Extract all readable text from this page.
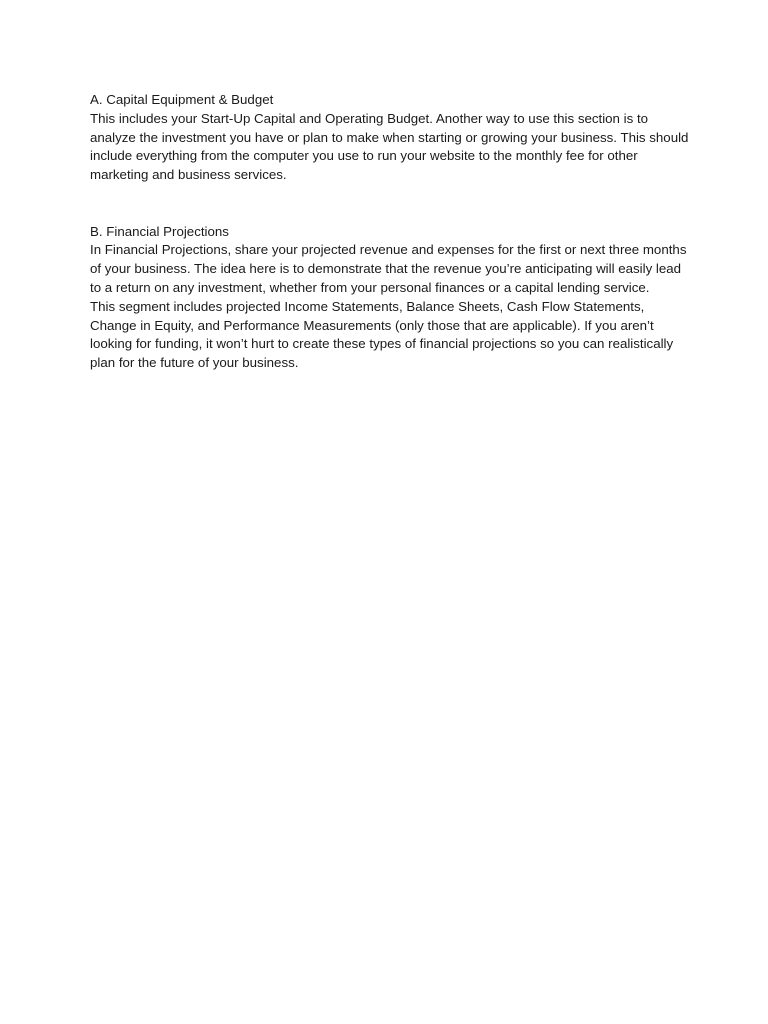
A. Capital Equipment & Budget

This includes your Start-Up Capital and Operating Budget. Another way to use this section is to analyze the investment you have or plan to make when starting or growing your business. This should include everything from the computer you use to run your website to the monthly fee for other marketing and business services.

B. Financial Projections

In Financial Projections, share your projected revenue and expenses for the first or next three months of your business. The idea here is to demonstrate that the revenue you’re anticipating will easily lead to a return on any investment, whether from your personal finances or a capital lending service.

This segment includes projected Income Statements, Balance Sheets, Cash Flow Statements, Change in Equity, and Performance Measurements (only those that are applicable). If you aren’t looking for funding, it won’t hurt to create these types of financial projections so you can realistically plan for the future of your business.
